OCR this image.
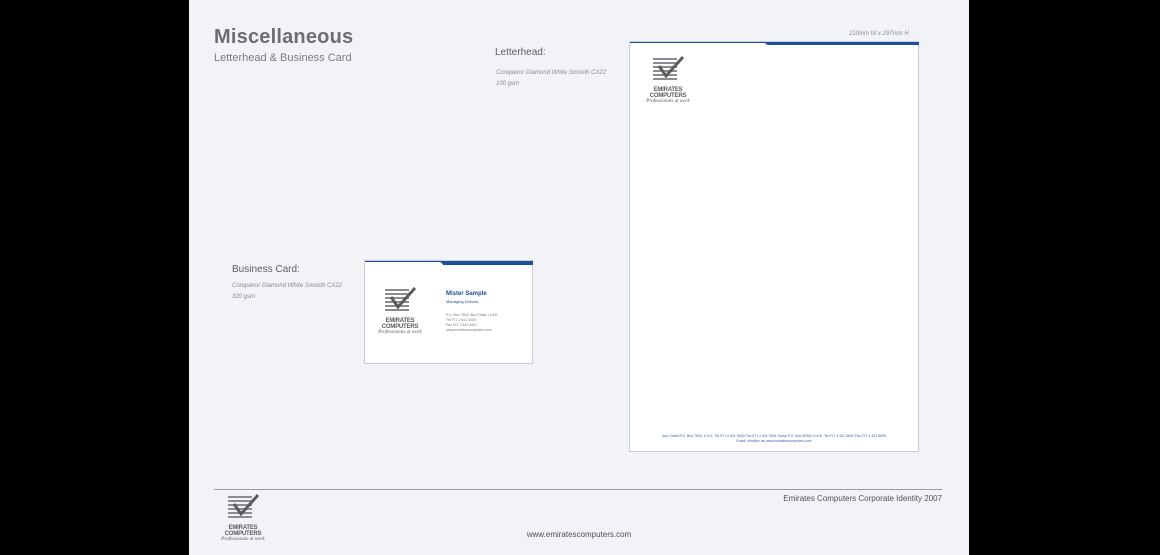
Miscellaneous
Letterhead & Business Card	Letterhead:
Conqueror Diamond White Smooth CX22
100 gsm
210mm W x 297mm H
EMIRATES
COMPUTERS
Professionals at work
Abu Dhabi P.O. Box 7503, U.A.E. Tel 971 2 641 3400 Fax 971 2 641 3401 Dubai P.O. Box 60962 U.A.E. Tel 971 4 321 6600 Fax 971 4 321 6699
Email: info@ec.ae www.emiratescomputers.com
Business Card:
Conqueror Diamond White Smooth CX22
320 gsm
EMIRATES
COMPUTERS
Professionals at work
Mister Sample
Managing Director
P.O. Box 7503, Abu Dhabi, U.A.E.
Tel 971 2 641 3400
Fax 971 2 641 3401
www.emiratescomputers.com
EMIRATES
COMPUTERS
Professionals at work
Emirates Computers Corporate Identity 2007
www.emiratescomputers.com
